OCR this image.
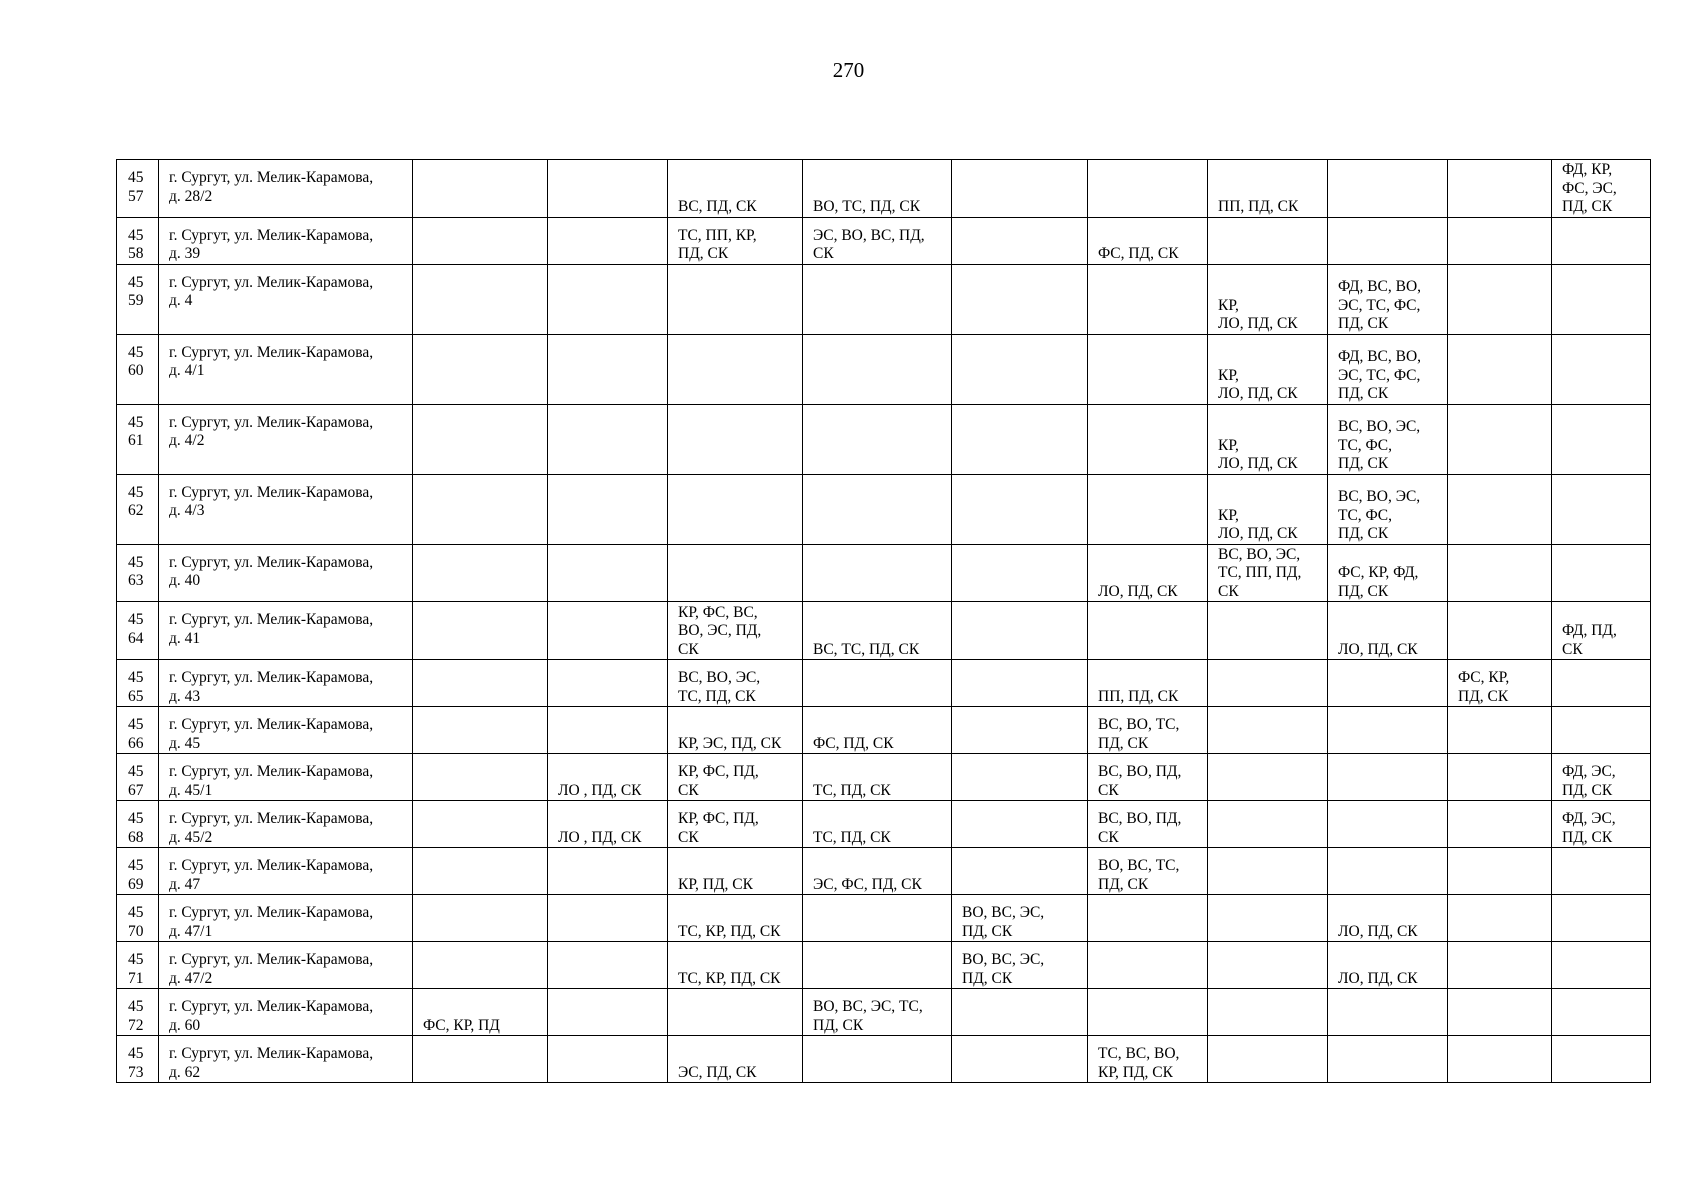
270
45
57	г. Сургут, ул. Мелик-Карамова,
д. 28/2			ВС, ПД, СК	ВО, ТС, ПД, СК			ПП, ПД, СК			ФД, КР,
ФС, ЭС,
ПД, СК
45
58	г. Сургут, ул. Мелик-Карамова,
д. 39			ТС, ПП, КР,
ПД, СК	ЭС, ВО, ВС, ПД,
СК		ФС, ПД, СК				
45
59	г. Сургут, ул. Мелик-Карамова,
д. 4							КР,
ЛО, ПД, СК	ФД, ВС, ВО,
ЭС, ТС, ФС,
ПД, СК		
45
60	г. Сургут, ул. Мелик-Карамова,
д. 4/1							КР,
ЛО, ПД, СК	ФД, ВС, ВО,
ЭС, ТС, ФС,
ПД, СК		
45
61	г. Сургут, ул. Мелик-Карамова,
д. 4/2							КР,
ЛО, ПД, СК	ВС, ВО, ЭС,
ТС, ФС,
ПД, СК		
45
62	г. Сургут, ул. Мелик-Карамова,
д. 4/3							КР,
ЛО, ПД, СК	ВС, ВО, ЭС,
ТС, ФС,
ПД, СК		
45
63	г. Сургут, ул. Мелик-Карамова,
д. 40						ЛО, ПД, СК	ВС, ВО, ЭС,
ТС, ПП, ПД,
СК	ФС, КР, ФД,
ПД, СК		
45
64	г. Сургут, ул. Мелик-Карамова,
д. 41			КР, ФС, ВС,
ВО, ЭС, ПД,
СК	ВС, ТС, ПД, СК				ЛО, ПД, СК		ФД, ПД,
СК
45
65	г. Сургут, ул. Мелик-Карамова,
д. 43			ВС, ВО, ЭС,
ТС, ПД, СК			ПП, ПД, СК			ФС, КР,
ПД, СК	
45
66	г. Сургут, ул. Мелик-Карамова,
д. 45			КР, ЭС, ПД, СК	ФС, ПД, СК		ВС, ВО, ТС,
ПД, СК				
45
67	г. Сургут, ул. Мелик-Карамова,
д. 45/1		ЛО , ПД, СК	КР, ФС, ПД,
СК	ТС, ПД, СК		ВС, ВО, ПД,
СК				ФД, ЭС,
ПД, СК
45
68	г. Сургут, ул. Мелик-Карамова,
д. 45/2		ЛО , ПД, СК	КР, ФС, ПД,
СК	ТС, ПД, СК		ВС, ВО, ПД,
СК				ФД, ЭС,
ПД, СК
45
69	г. Сургут, ул. Мелик-Карамова,
д. 47			КР, ПД, СК	ЭС, ФС, ПД, СК		ВО, ВС, ТС,
ПД, СК				
45
70	г. Сургут, ул. Мелик-Карамова,
д. 47/1			ТС, КР, ПД, СК		ВО, ВС, ЭС,
ПД, СК			ЛО, ПД, СК		
45
71	г. Сургут, ул. Мелик-Карамова,
д. 47/2			ТС, КР, ПД, СК		ВО, ВС, ЭС,
ПД, СК			ЛО, ПД, СК		
45
72	г. Сургут, ул. Мелик-Карамова,
д. 60	ФС, КР, ПД			ВО, ВС, ЭС, ТС,
ПД, СК						
45
73	г. Сургут, ул. Мелик-Карамова,
д. 62			ЭС, ПД, СК			ТС, ВС, ВО,
КР, ПД, СК				
